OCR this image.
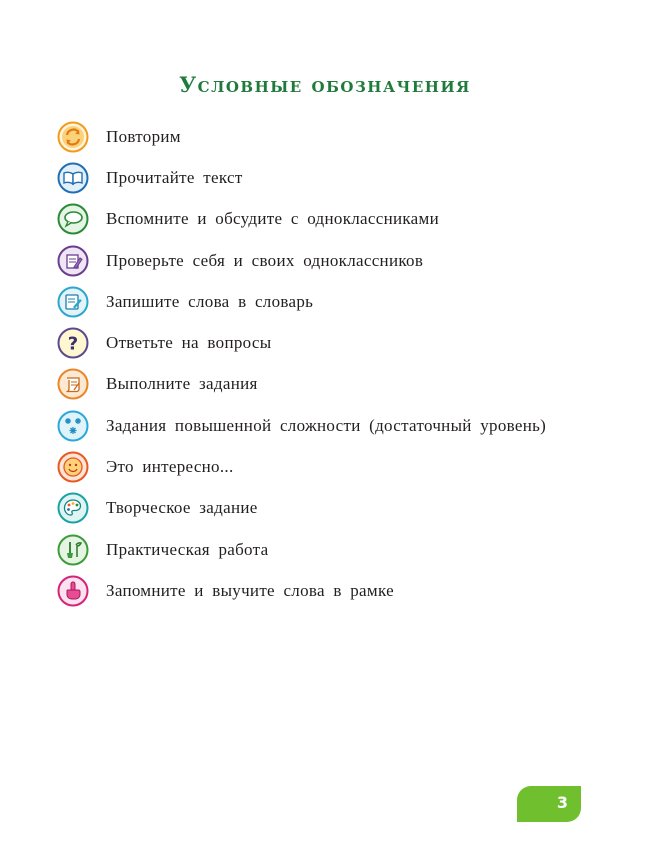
Условные обозначения
Повторим
Прочитайте текст
Вспомните и обсудите с одноклассниками
Проверьте себя и своих одноклассников
Запишите слова в словарь
? Ответьте на вопросы
Выполните задания
Задания повышенной сложности (достаточный уровень)
Это интересно...
Творческое задание
Практическая работа
Запомните и выучите слова в рамке
3
